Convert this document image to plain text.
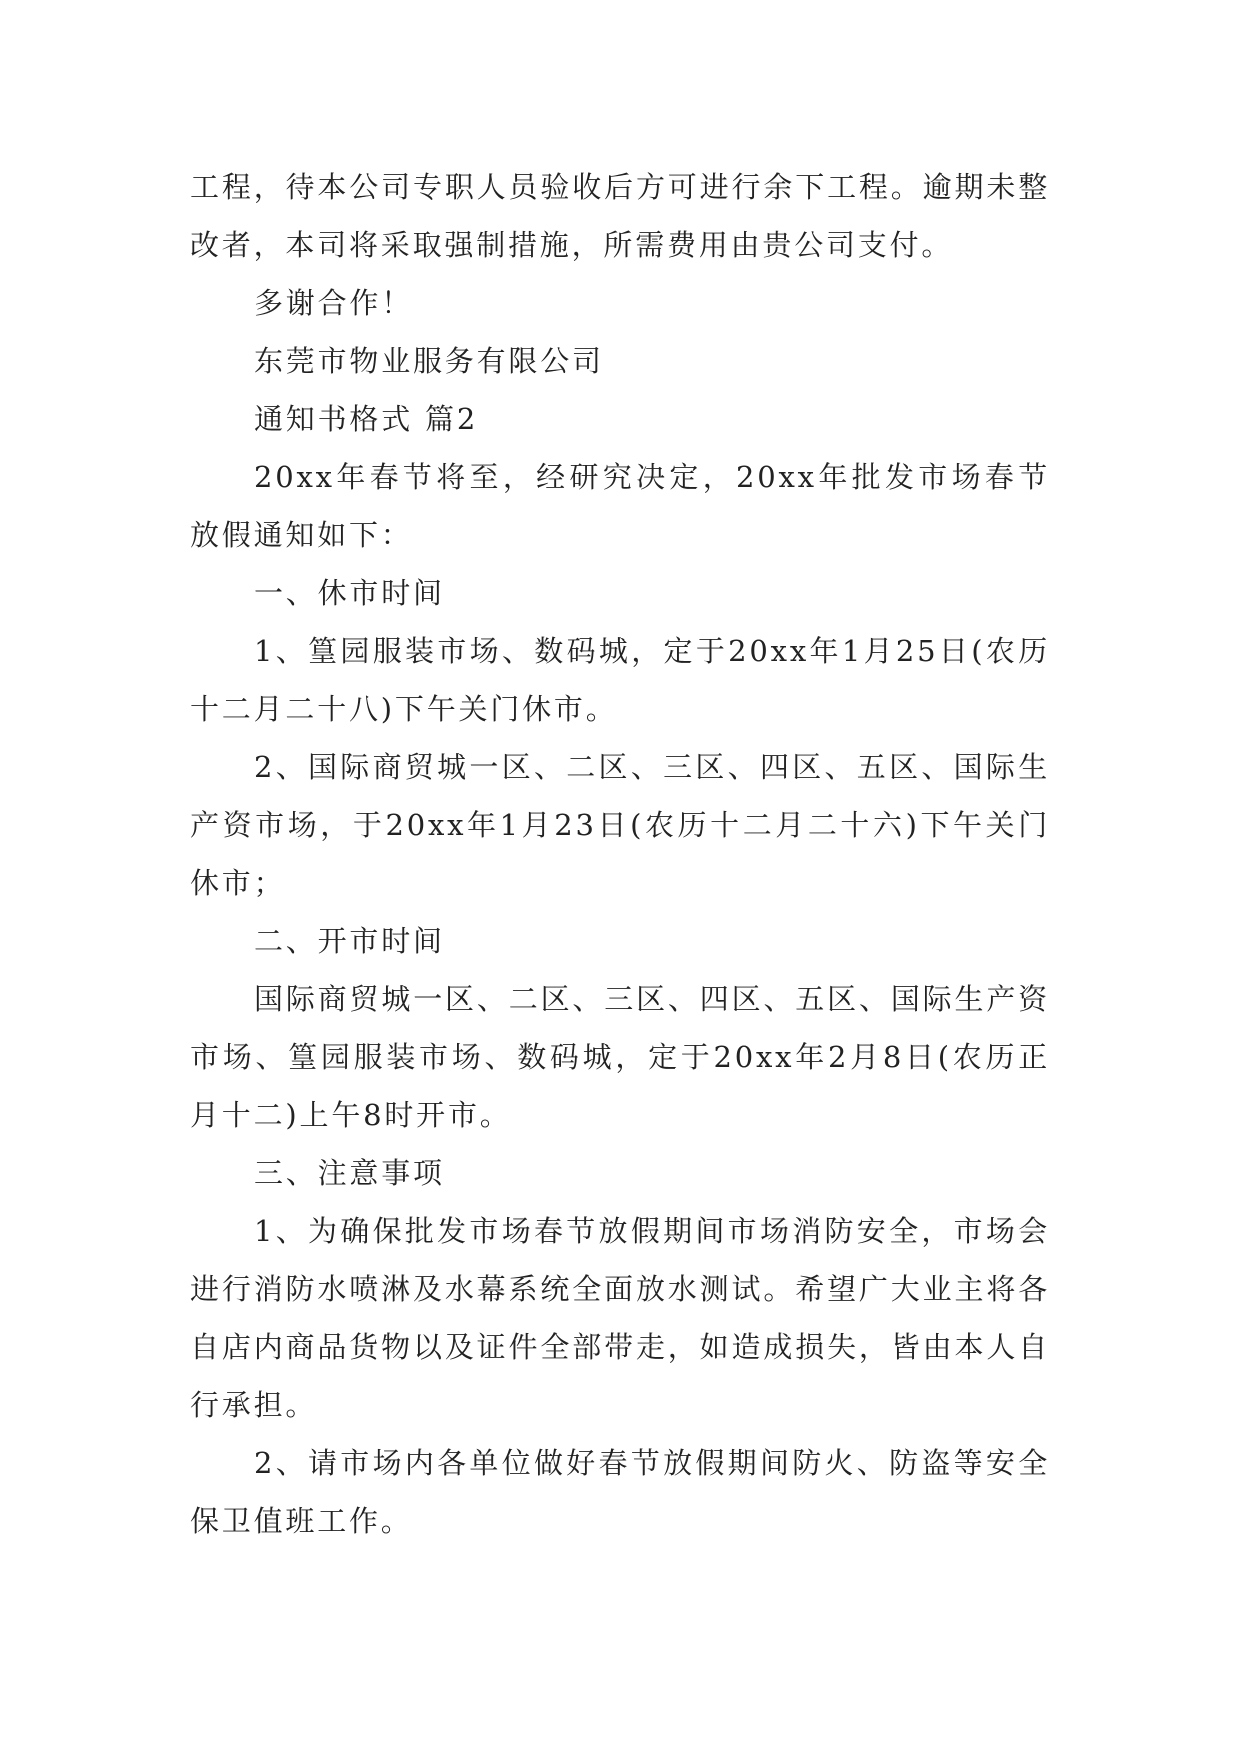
工程，待本公司专职人员验收后方可进行余下工程。逾期未整改者，本司将采取强制措施，所需费用由贵公司支付。

多谢合作！

东莞市物业服务有限公司

通知书格式 篇2

20xx年春节将至，经研究决定，20xx年批发市场春节放假通知如下：

一、休市时间

1、篁园服装市场、数码城，定于20xx年1月25日(农历十二月二十八)下午关门休市。

2、国际商贸城一区、二区、三区、四区、五区、国际生产资市场，于20xx年1月23日(农历十二月二十六)下午关门休市；

二、开市时间

国际商贸城一区、二区、三区、四区、五区、国际生产资市场、篁园服装市场、数码城，定于20xx年2月8日(农历正月十二)上午8时开市。

三、注意事项

1、为确保批发市场春节放假期间市场消防安全，市场会进行消防水喷淋及水幕系统全面放水测试。希望广大业主将各自店内商品货物以及证件全部带走，如造成损失，皆由本人自行承担。

2、请市场内各单位做好春节放假期间防火、防盗等安全保卫值班工作。
